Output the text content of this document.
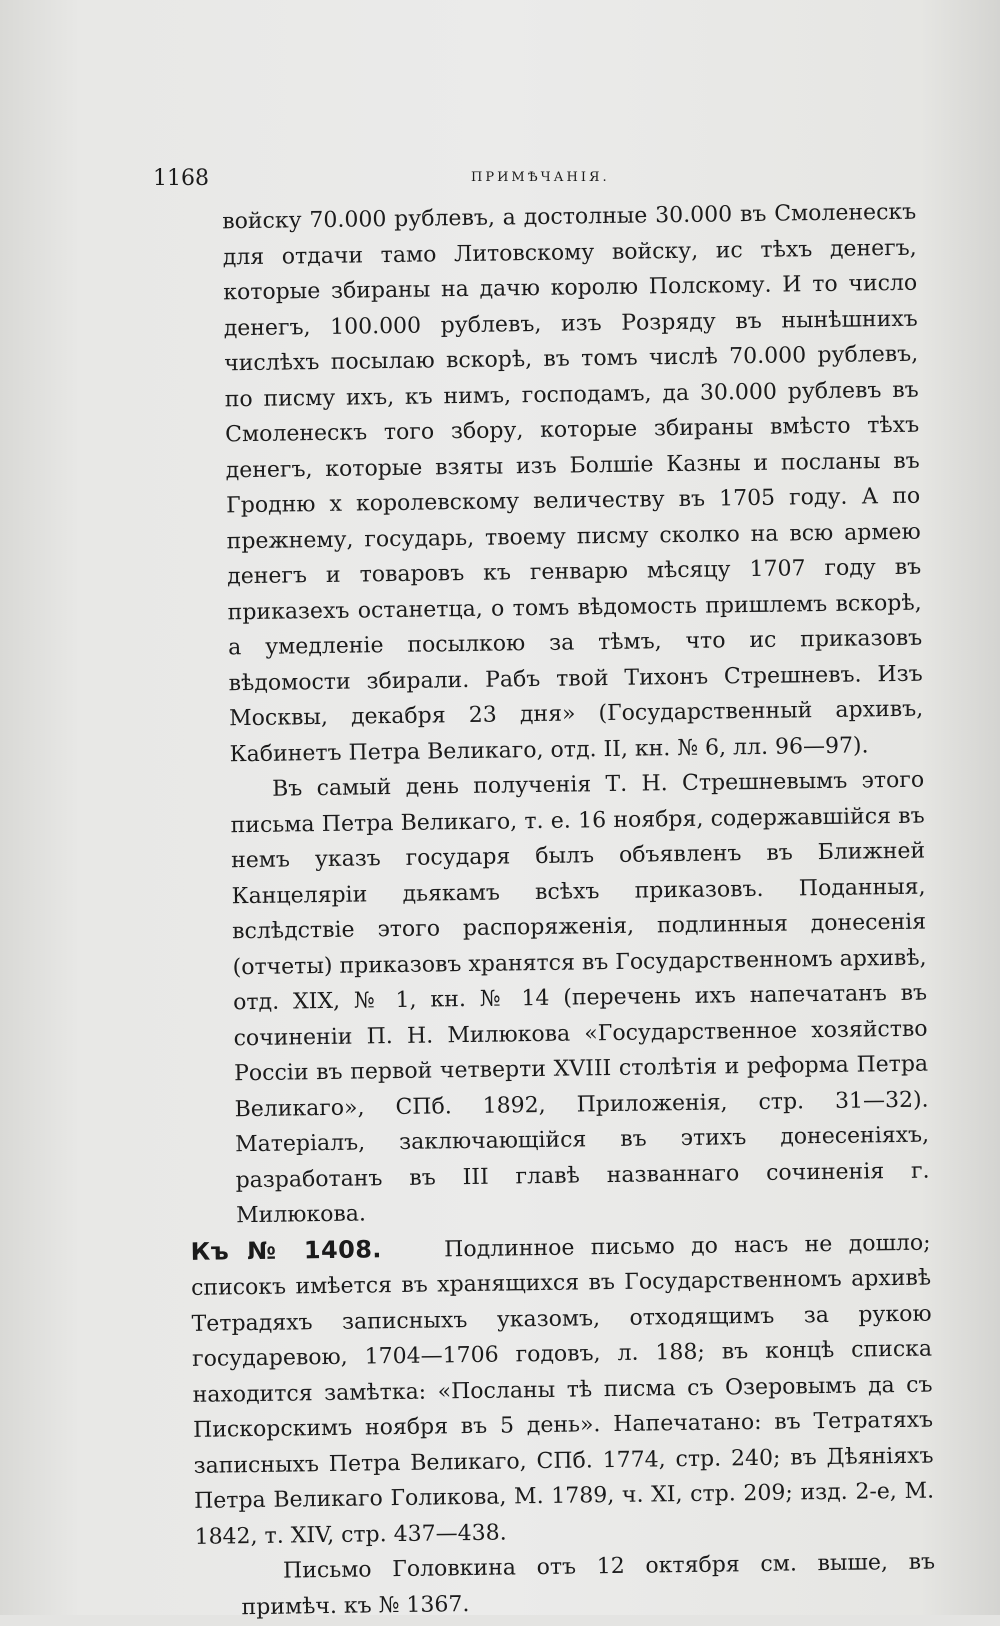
1168	ПРИМѢЧАНІЯ.

войску 70.000 рублевъ, а достолные 30.000 въ Смоленескъ для отдачи тамо Литовскому войску, ис тѣхъ денегъ, которые збираны на дачю королю Полскому. И то число денегъ, 100.000 рублевъ, изъ Розряду въ нынѣшнихъ числѣхъ посылаю вскорѣ, въ томъ числѣ 70.000 рублевъ, по писму ихъ, къ нимъ, господамъ, да 30.000 рублевъ въ Смоленескъ того збору, которые збираны вмѣсто тѣхъ денегъ, которые взяты изъ Болшіе Казны и посланы въ Гродню х королевскому величеству въ 1705 году. А по прежнему, государь, твоему писму сколко на всю армею денегъ и товаровъ къ генварю мѣсяцу 1707 году въ приказехъ останетца, о томъ вѣдомость пришлемъ вскорѣ, а умедленіе посылкою за тѣмъ, что ис приказовъ вѣдомости збирали. Рабъ твой Тихонъ Стрешневъ. Изъ Москвы, декабря 23 дня» (Государственный архивъ, Кабинетъ Петра Великаго, отд. II, кн. № 6, лл. 96—97).

Въ самый день полученія Т. Н. Стрешневымъ этого письма Петра Великаго, т. е. 16 ноября, содержавшійся въ немъ указъ государя былъ объявленъ въ Ближней Канцеляріи дьякамъ всѣхъ приказовъ. Поданныя, вслѣдствіе этого распоряженія, подлинныя донесенія (отчеты) приказовъ хранятся въ Государственномъ архивѣ, отд. XIX, № 1, кн. № 14 (перечень ихъ напечатанъ въ сочиненіи П. Н. Милюкова «Государственное хозяйство Россіи въ первой четверти XVIII столѣтія и реформа Петра Великаго», СПб. 1892, Приложенія, стр. 31—32). Матеріалъ, заключающійся въ этихъ донесеніяхъ, разработанъ въ III главѣ названнаго сочиненія г. Милюкова.

Къ № 1408.	Подлинное письмо до насъ не дошло; списокъ имѣется въ хранящихся въ Государственномъ архивѣ Тетрадяхъ записныхъ указомъ, отходящимъ за рукою государевою, 1704—1706 годовъ, л. 188; въ концѣ списка находится замѣтка: «Посланы тѣ писма съ Озеровымъ да съ Пискорскимъ ноября въ 5 день». Напечатано: въ Тетратяхъ записныхъ Петра Великаго, СПб. 1774, стр. 240; въ Дѣяніяхъ Петра Великаго Голикова, М. 1789, ч. XI, стр. 209; изд. 2-е, М. 1842, т. XIV, стр. 437—438.

Письмо Головкина отъ 12 октября см. выше, въ примѣч. къ № 1367.
